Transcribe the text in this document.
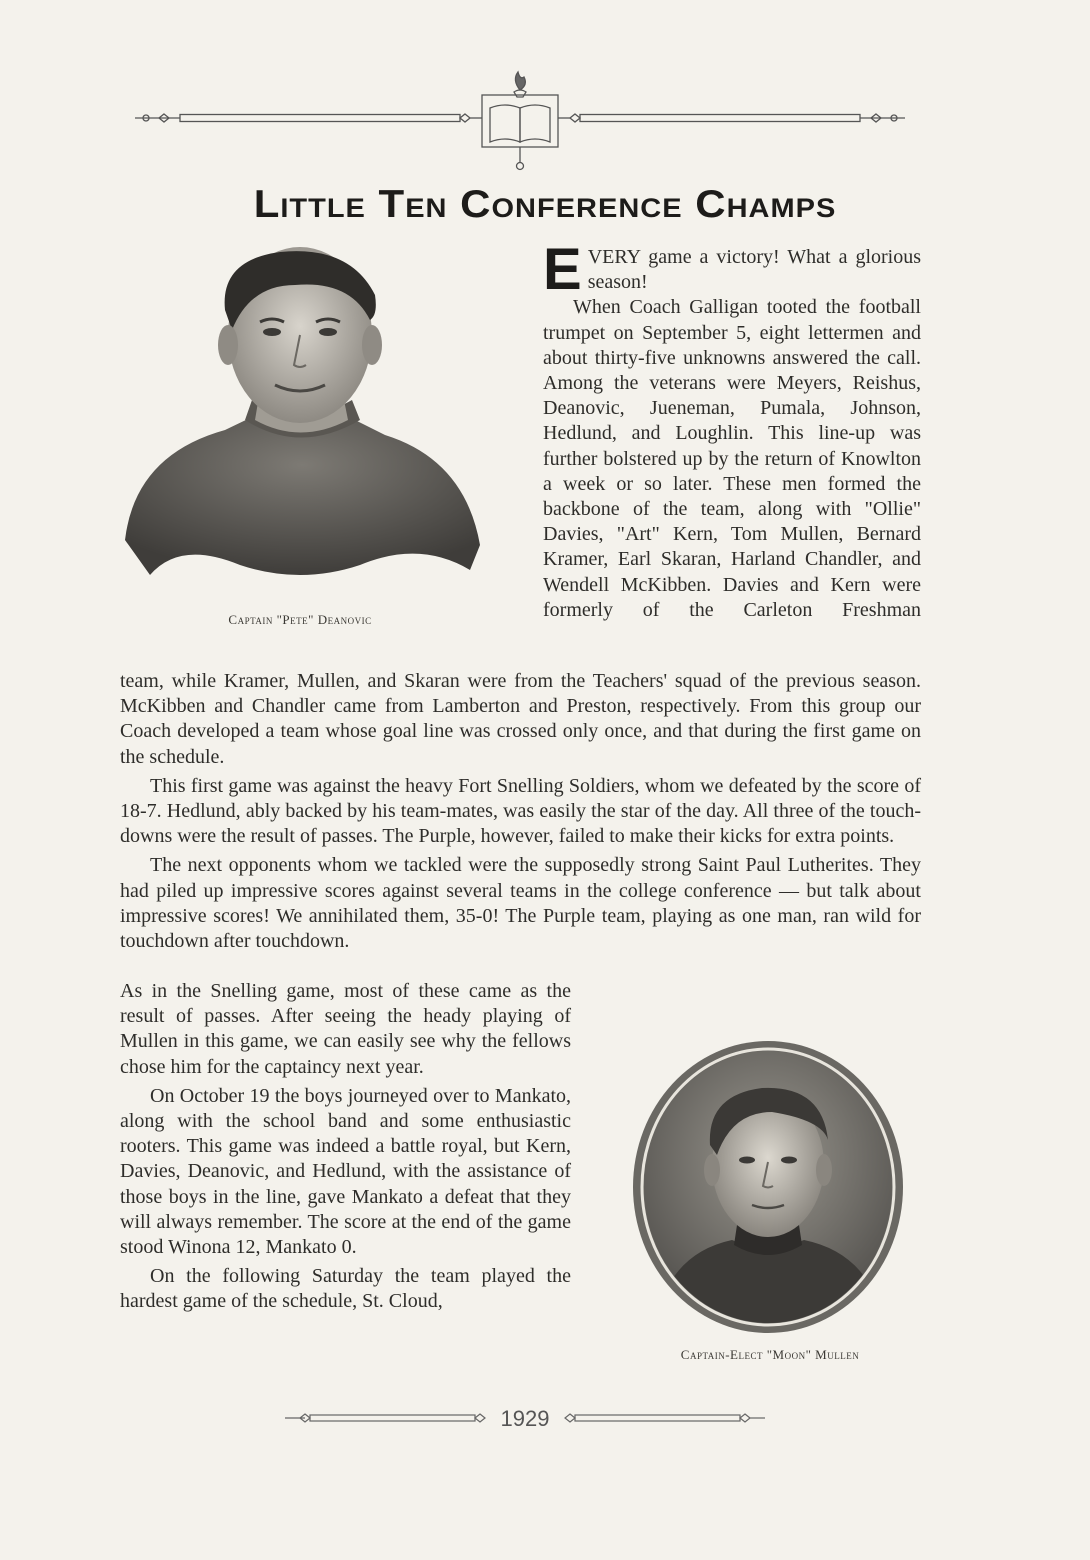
Little Ten Conference Champs
Captain "Pete" Deanovic
Captain-Elect "Moon" Mullen

EVERY game a victory! What a glorious season!

When Coach Galligan tooted the football trumpet on September 5, eight lettermen and about thirty-five unknowns answered the call. Among the veterans were Meyers, Reishus, Deanovic, Jueneman, Pumala, Johnson, Hedlund, and Loughlin. This line-up was further bolstered up by the return of Knowlton a week or so later. These men formed the backbone of the team, along with "Ollie" Davies, "Art" Kern, Tom Mullen, Bernard Kramer, Earl Skaran, Harland Chandler, and Wendell McKibben. Davies and Kern were formerly of the Carleton Freshman

team, while Kramer, Mullen, and Skaran were from the Teachers' squad of the previous season. McKibben and Chandler came from Lamberton and Preston, respectively. From this group our Coach developed a team whose goal line was crossed only once, and that during the first game on the schedule.

This first game was against the heavy Fort Snelling Soldiers, whom we defeated by the score of 18-7. Hedlund, ably backed by his team-mates, was easily the star of the day. All three of the touch-downs were the result of passes. The Purple, however, failed to make their kicks for extra points.

The next opponents whom we tackled were the supposedly strong Saint Paul Lutherites. They had piled up impressive scores against several teams in the college conference — but talk about impressive scores! We annihilated them, 35-0! The Purple team, playing as one man, ran wild for touchdown after touchdown.

As in the Snelling game, most of these came as the result of passes. After seeing the heady playing of Mullen in this game, we can easily see why the fellows chose him for the captaincy next year.

On October 19 the boys journeyed over to Mankato, along with the school band and some enthusiastic rooters. This game was indeed a battle royal, but Kern, Davies, Deanovic, and Hedlund, with the assistance of those boys in the line, gave Mankato a defeat that they will always remember. The score at the end of the game stood Winona 12, Mankato 0.

On the following Saturday the team played the hardest game of the schedule, St. Cloud,

1929
